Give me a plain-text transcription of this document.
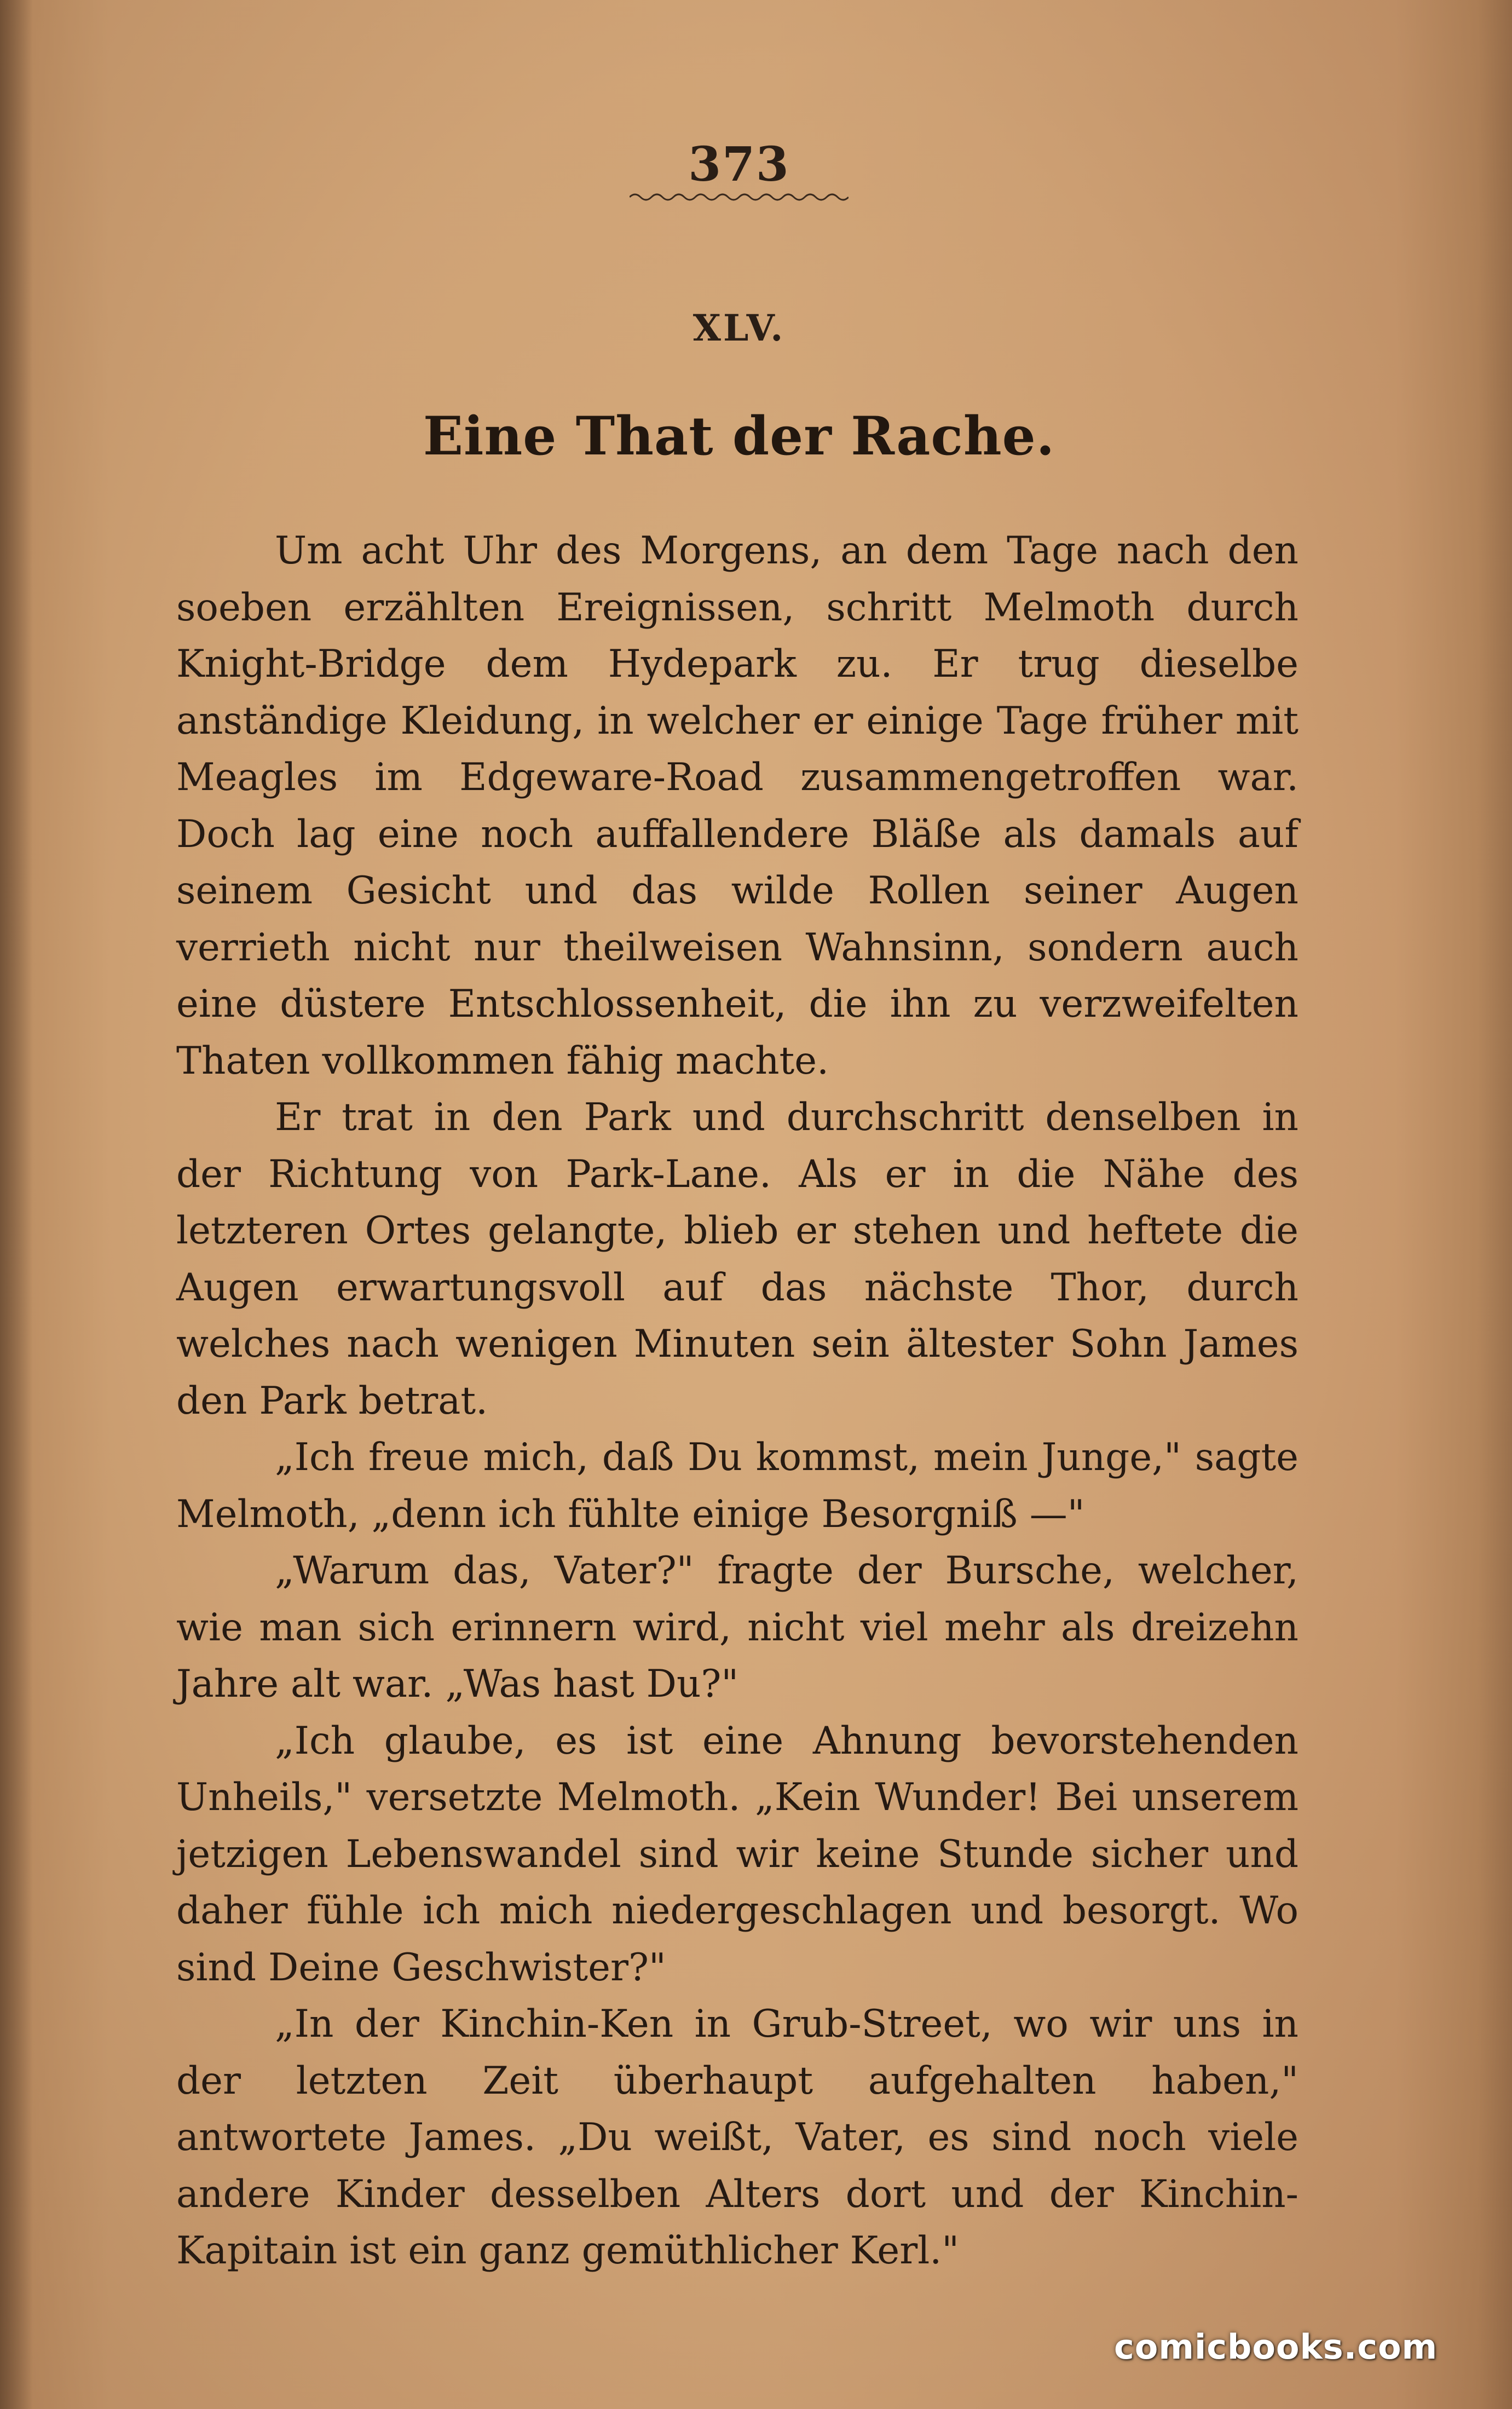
373
XLV.
Eine That der Rache.

Um acht Uhr des Morgens, an dem Tage nach den soeben erzählten Ereignissen, schritt Melmoth durch Knight-Bridge dem Hydepark zu. Er trug dieselbe anständige Kleidung, in welcher er einige Tage früher mit Meagles im Edgeware-Road zusammengetroffen war. Doch lag eine noch auffallendere Bläße als damals auf seinem Gesicht und das wilde Rollen seiner Augen verrieth nicht nur theilweisen Wahnsinn, sondern auch eine düstere Entschlossenheit, die ihn zu verzweifelten Thaten vollkommen fähig machte.

Er trat in den Park und durchschritt denselben in der Richtung von Park-Lane. Als er in die Nähe des letzteren Ortes gelangte, blieb er stehen und heftete die Augen erwartungsvoll auf das nächste Thor, durch welches nach wenigen Minuten sein ältester Sohn James den Park betrat.

„Ich freue mich, daß Du kommst, mein Junge," sagte Melmoth, „denn ich fühlte einige Besorgniß —"

„Warum das, Vater?" fragte der Bursche, welcher, wie man sich erinnern wird, nicht viel mehr als dreizehn Jahre alt war. „Was hast Du?"

„Ich glaube, es ist eine Ahnung bevorstehenden Unheils," versetzte Melmoth. „Kein Wunder! Bei unserem jetzigen Lebenswandel sind wir keine Stunde sicher und daher fühle ich mich niedergeschlagen und besorgt. Wo sind Deine Geschwister?"

„In der Kinchin-Ken in Grub-Street, wo wir uns in der letzten Zeit überhaupt aufgehalten haben," antwortete James. „Du weißt, Vater, es sind noch viele andere Kinder desselben Alters dort und der Kinchin-Kapitain ist ein ganz gemüthlicher Kerl."

comicbooks.com
